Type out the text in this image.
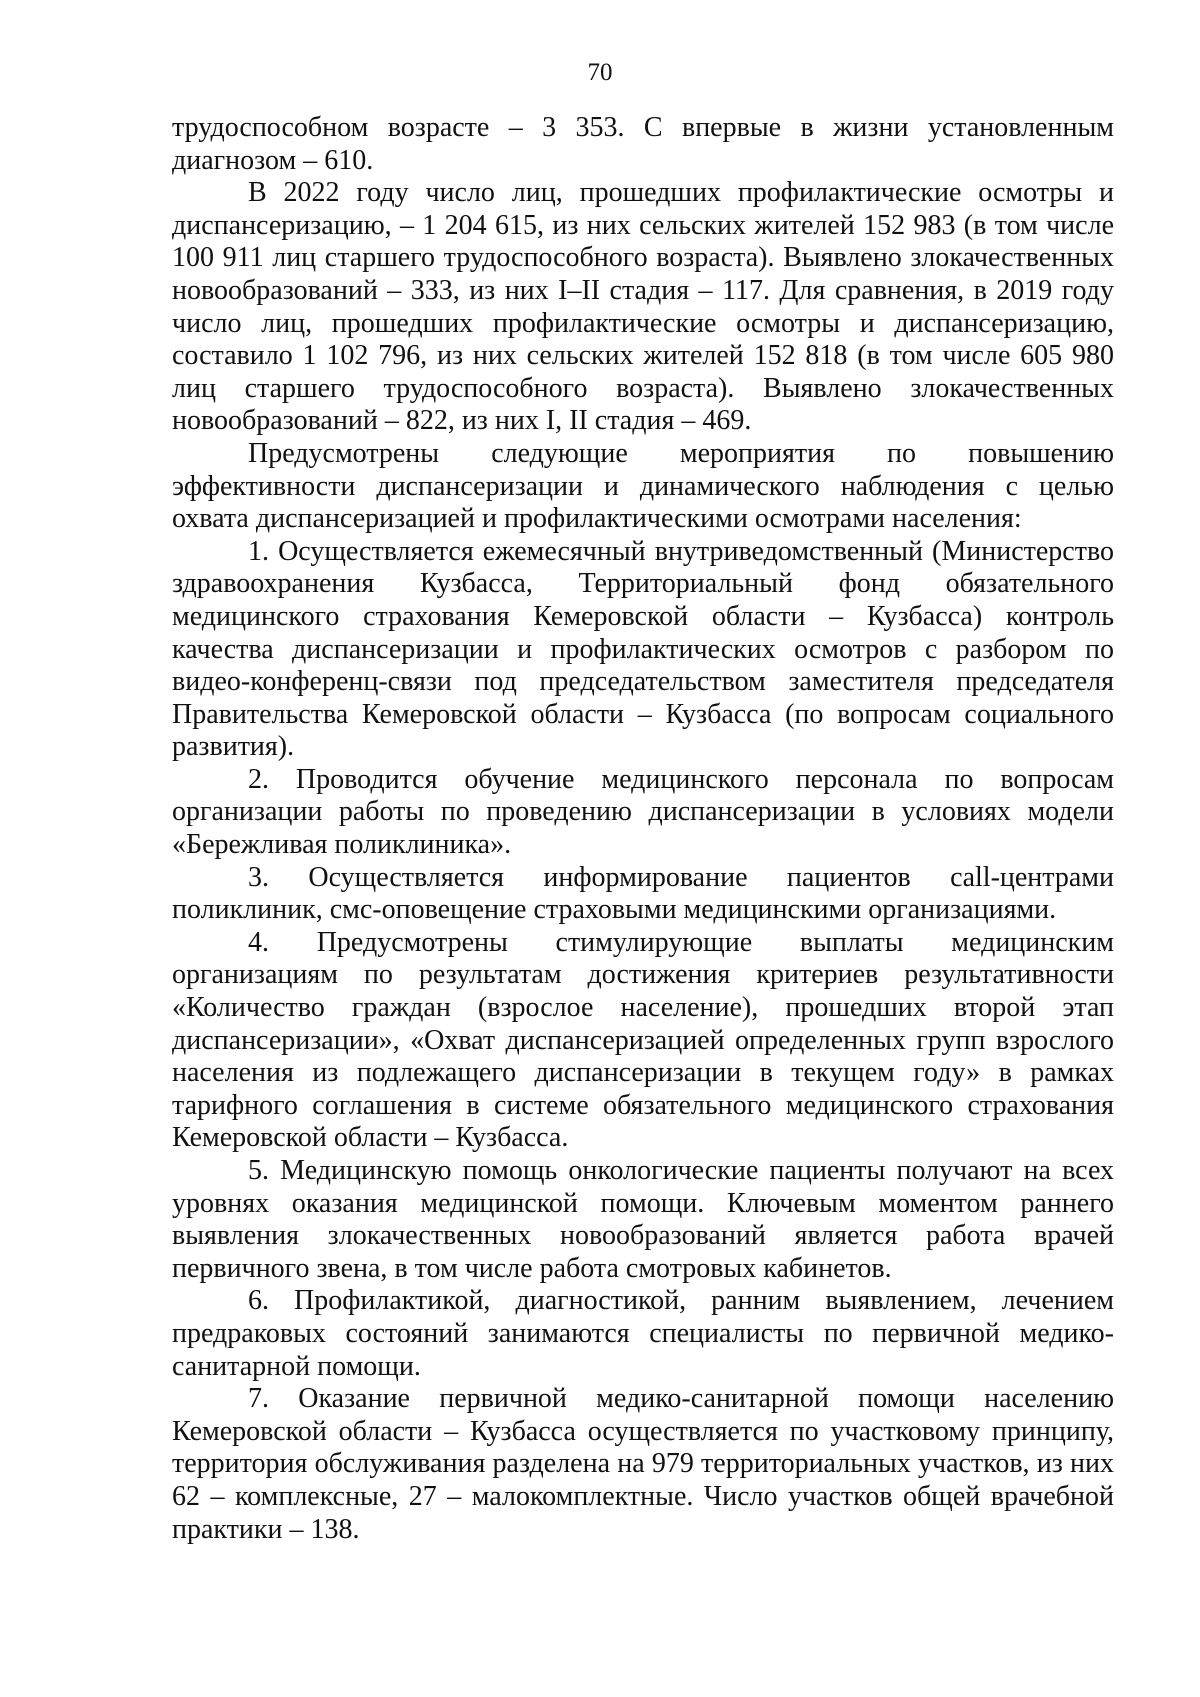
70

трудоспособном возрасте – 3 353. С впервые в жизни установленным диагнозом – 610.

В 2022 году число лиц, прошедших профилактические осмотры и диспансеризацию, – 1 204 615, из них сельских жителей 152 983 (в том числе 100 911 лиц старшего трудоспособного возраста). Выявлено злокачественных новообразований – 333, из них I–II стадия – 117. Для сравнения, в 2019 году число лиц, прошедших профилактические осмотры и диспансеризацию, составило 1 102 796, из них сельских жителей 152 818 (в том числе 605 980 лиц старшего трудоспособного возраста). Выявлено злокачественных новообразований – 822, из них I, II стадия – 469.

Предусмотрены следующие мероприятия по повышению эффективности диспансеризации и динамического наблюдения с целью охвата диспансеризацией и профилактическими осмотрами населения:

1. Осуществляется ежемесячный внутриведомственный (Министерство здравоохранения Кузбасса, Территориальный фонд обязательного медицинского страхования Кемеровской области – Кузбасса) контроль качества диспансеризации и профилактических осмотров с разбором по видео-конференц-связи под председательством заместителя председателя Правительства Кемеровской области – Кузбасса (по вопросам социального развития).

2. Проводится обучение медицинского персонала по вопросам организации работы по проведению диспансеризации в условиях модели «Бережливая поликлиника».

3. Осуществляется информирование пациентов call-центрами поликлиник, смс-оповещение страховыми медицинскими организациями.

4. Предусмотрены стимулирующие выплаты медицинским организациям по результатам достижения критериев результативности «Количество граждан (взрослое население), прошедших второй этап диспансеризации», «Охват диспансеризацией определенных групп взрослого населения из подлежащего диспансеризации в текущем году» в рамках тарифного соглашения в системе обязательного медицинского страхования Кемеровской области – Кузбасса.

5. Медицинскую помощь онкологические пациенты получают на всех уровнях оказания медицинской помощи. Ключевым моментом раннего выявления злокачественных новообразований является работа врачей первичного звена, в том числе работа смотровых кабинетов.

6. Профилактикой, диагностикой, ранним выявлением, лечением предраковых состояний занимаются специалисты по первичной медико-санитарной помощи.

7. Оказание первичной медико-санитарной помощи населению Кемеровской области – Кузбасса осуществляется по участковому принципу, территория обслуживания разделена на 979 территориальных участков, из них 62 – комплексные, 27 – малокомплектные. Число участков общей врачебной практики – 138.
